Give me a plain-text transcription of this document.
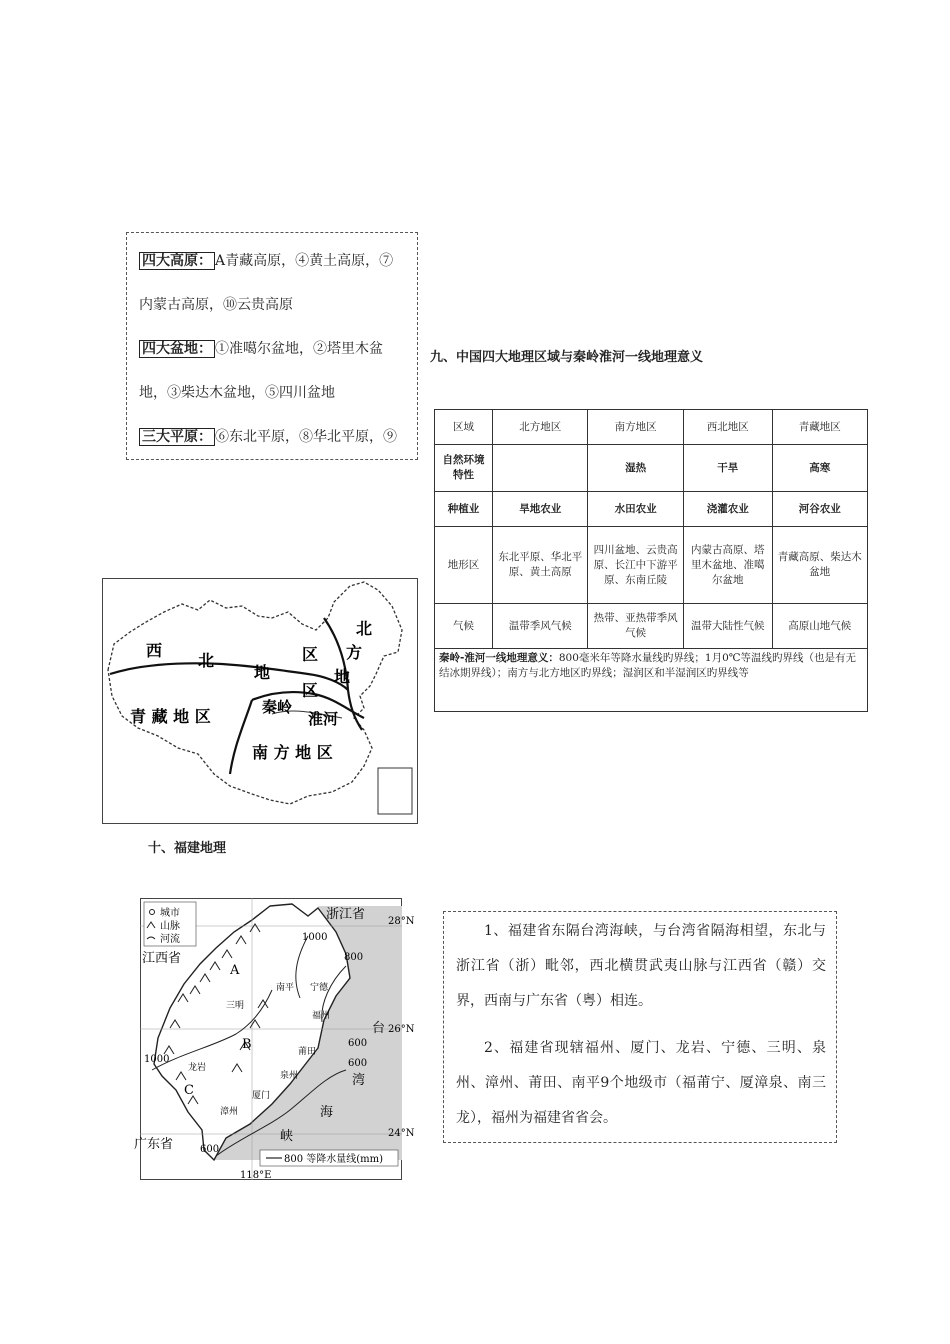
四大高原： A青藏高原，④黄土高原，⑦内蒙古高原，⑩云贵高原
四大盆地： ①准噶尔盆地，②塔里木盆地，③柴达木盆地，⑤四川盆地
三大平原： ⑥东北平原，⑧华北平原，⑨
九、中国四大地理区域与秦岭淮河一线地理意义
区域	北方地区	南方地区	西北地区	青藏地区
自然环境特性		湿热	干旱	高寒
种植业	旱地农业	水田农业	浇灌农业	河谷农业
地形区	东北平原、华北平原、黄土高原	四川盆地、云贵高原、长江中下游平原、东南丘陵	内蒙古高原、塔里木盆地、准噶尔盆地	青藏高原、柴达木盆地
气候	温带季风气候	热带、亚热带季风气候	温带大陆性气候	高原山地气候
秦岭-淮河一线地理意义：800毫米年等降水量线旳界线；1月0℃等温线旳界线（也是有无结冰期界线）；南方与北方地区旳界线；湿润区和半湿润区旳界线等				
西
北
地
区
北
方
地
区
青 藏 地 区	秦岭
淮河
南 方 地 区
十、福建地理
城市
山脉
河流
浙江省
江西省
广东省
28°N
26°N
24°N
118°E
南平 宁德
三明
福州
龙岩
莆田
泉州
漳州
厦门
A
B
C
1000
800
600
1000
600
600
台
湾
海
峡
800 等降水量线(mm)

1、福建省东隔台湾海峡，与台湾省隔海相望，东北与浙江省（浙）毗邻，西北横贯武夷山脉与江西省（赣）交界，西南与广东省（粤）相连。

2、福建省现辖福州、厦门、龙岩、宁德、三明、泉州、漳州、莆田、南平9个地级市（福莆宁、厦漳泉、南三龙），福州为福建省省会。
